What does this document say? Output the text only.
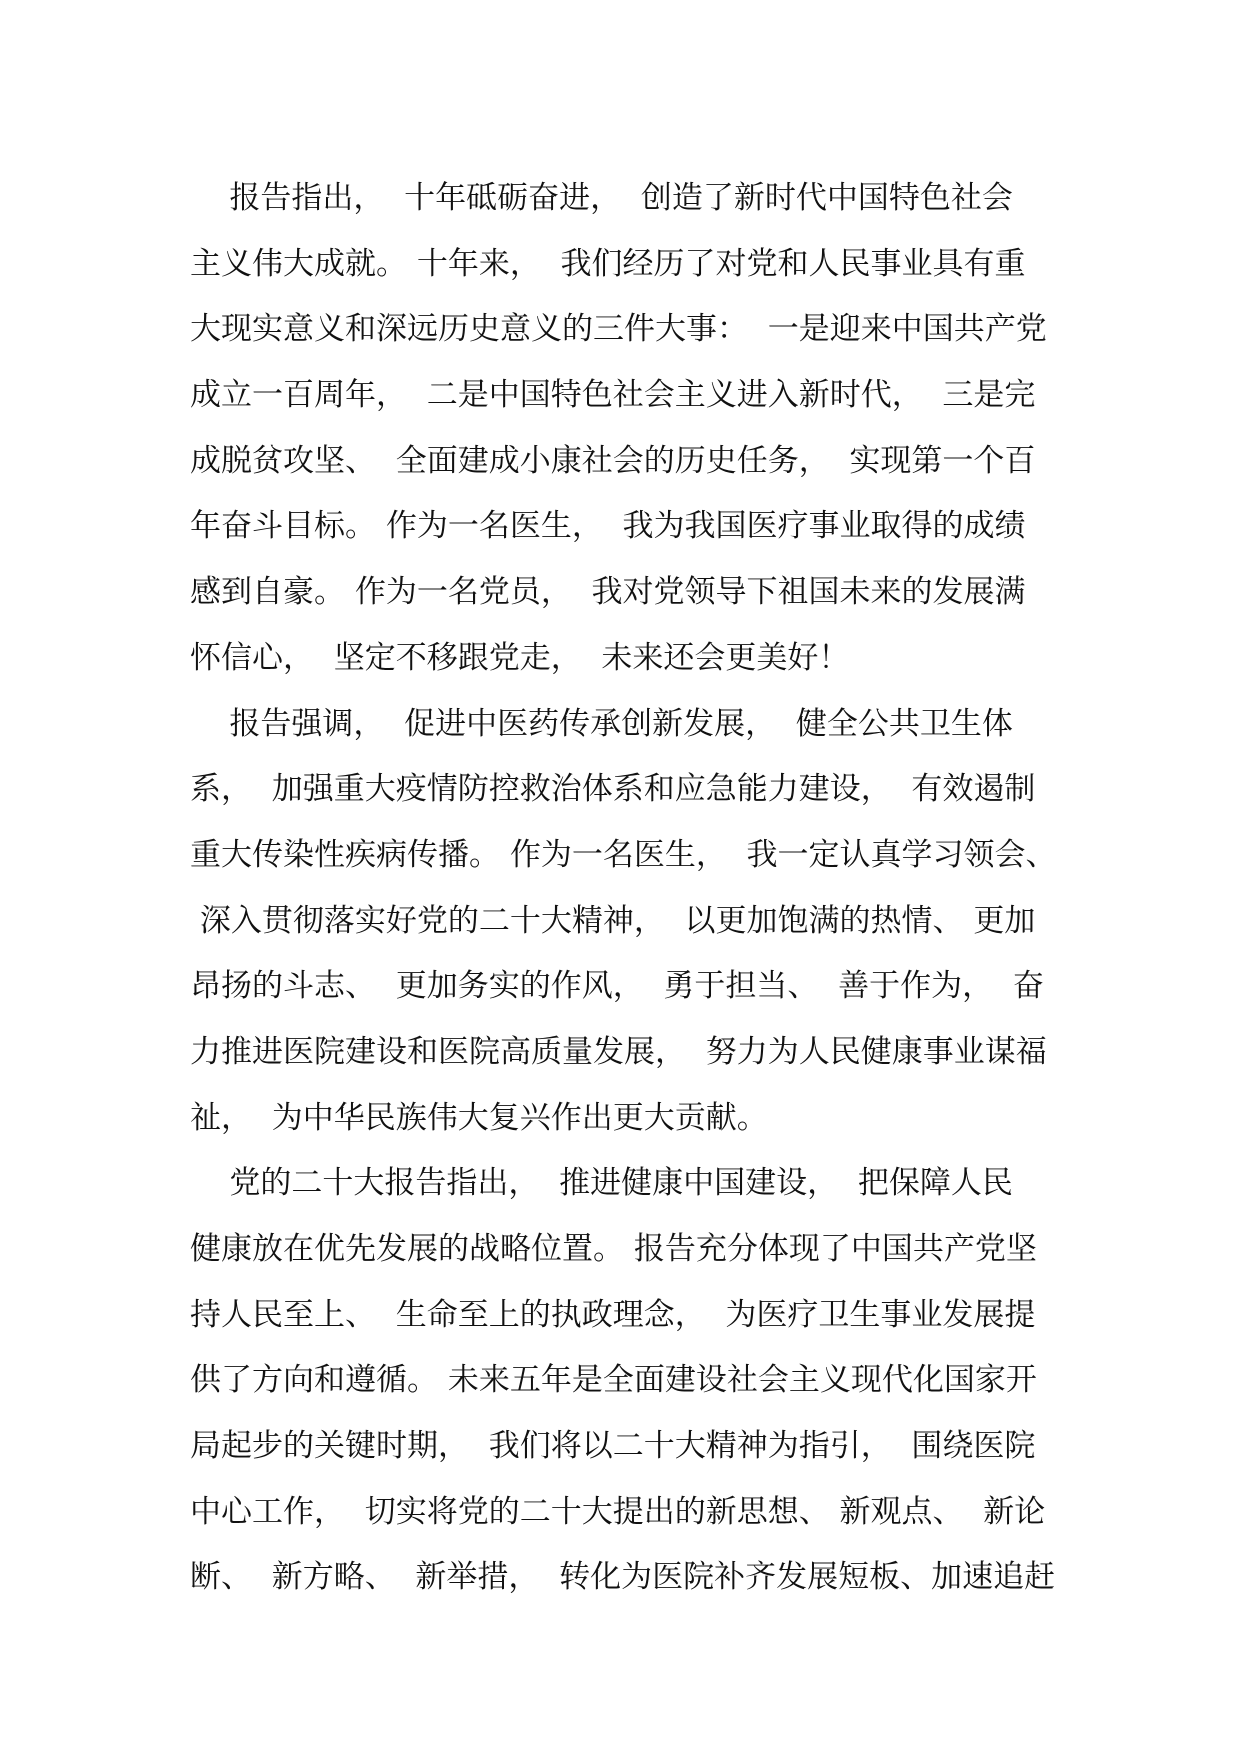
报告指出，  十年砥砺奋进，  创造了新时代中国特色社会
主义伟大成就。 十年来，  我们经历了对党和人民事业具有重
大现实意义和深远历史意义的三件大事：  一是迎来中国共产党
成立一百周年，  二是中国特色社会主义进入新时代，  三是完
成脱贫攻坚、  全面建成小康社会的历史任务，  实现第一个百
年奋斗目标。 作为一名医生，  我为我国医疗事业取得的成绩
感到自豪。 作为一名党员，  我对党领导下祖国未来的发展满
怀信心，  坚定不移跟党走，  未来还会更美好！
报告强调，  促进中医药传承创新发展，  健全公共卫生体
系，  加强重大疫情防控救治体系和应急能力建设，  有效遏制
重大传染性疾病传播。 作为一名医生，  我一定认真学习领会、
深入贯彻落实好党的二十大精神，  以更加饱满的热情、 更加
昂扬的斗志、  更加务实的作风，  勇于担当、  善于作为，  奋
力推进医院建设和医院高质量发展，  努力为人民健康事业谋福
祉，  为中华民族伟大复兴作出更大贡献。
党的二十大报告指出，  推进健康中国建设，  把保障人民
健康放在优先发展的战略位置。 报告充分体现了中国共产党坚
持人民至上、  生命至上的执政理念，  为医疗卫生事业发展提
供了方向和遵循。 未来五年是全面建设社会主义现代化国家开
局起步的关键时期，  我们将以二十大精神为指引，  围绕医院
中心工作，  切实将党的二十大提出的新思想、 新观点、  新论
断、  新方略、  新举措，  转化为医院补齐发展短板、加速追赶
